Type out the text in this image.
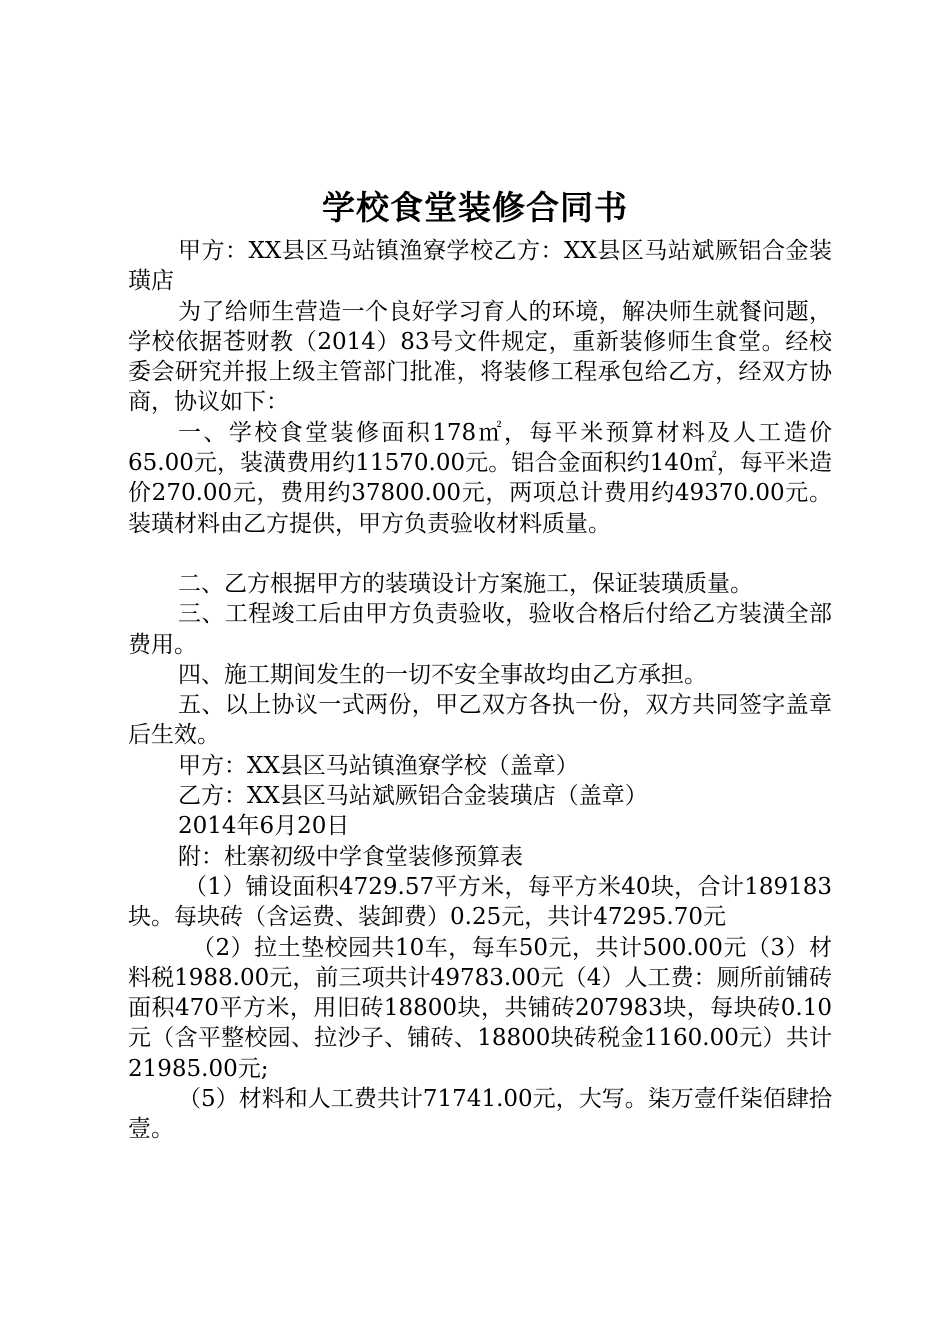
学校食堂装修合同书

甲方：XX县区马站镇渔寮学校乙方：XX县区马站斌厥铝合金装璜店

为了给师生营造一个良好学习育人的环境，解决师生就餐问题，学校依据苍财教（2014）83号文件规定，重新装修师生食堂。经校委会研究并报上级主管部门批准，将装修工程承包给乙方，经双方协商，协议如下：

一、学校食堂装修面积178㎡，每平米预算材料及人工造价65.00元，装潢费用约11570.00元。铝合金面积约140㎡，每平米造价270.00元，费用约37800.00元，两项总计费用约49370.00元。装璜材料由乙方提供，甲方负责验收材料质量。

二、乙方根据甲方的装璜设计方案施工，保证装璜质量。

三、工程竣工后由甲方负责验收，验收合格后付给乙方装潢全部费用。

四、施工期间发生的一切不安全事故均由乙方承担。

五、以上协议一式两份，甲乙双方各执一份，双方共同签字盖章后生效。

甲方：XX县区马站镇渔寮学校（盖章）

乙方：XX县区马站斌厥铝合金装璜店（盖章）

2014年6月20日

附：杜寨初级中学食堂装修预算表

（1）铺设面积4729.57平方米，每平方米40块，合计189183块。每块砖（含运费、装卸费）0.25元，共计47295.70元

（2）拉土垫校园共10车，每车50元，共计500.00元（3）材料税1988.00元，前三项共计49783.00元（4）人工费：厕所前铺砖面积470平方米，用旧砖18800块，共铺砖207983块，每块砖0.10元（含平整校园、拉沙子、铺砖、18800块砖税金1160.00元）共计21985.00元;

（5）材料和人工费共计71741.00元，大写。柒万壹仟柒佰肆拾壹。
